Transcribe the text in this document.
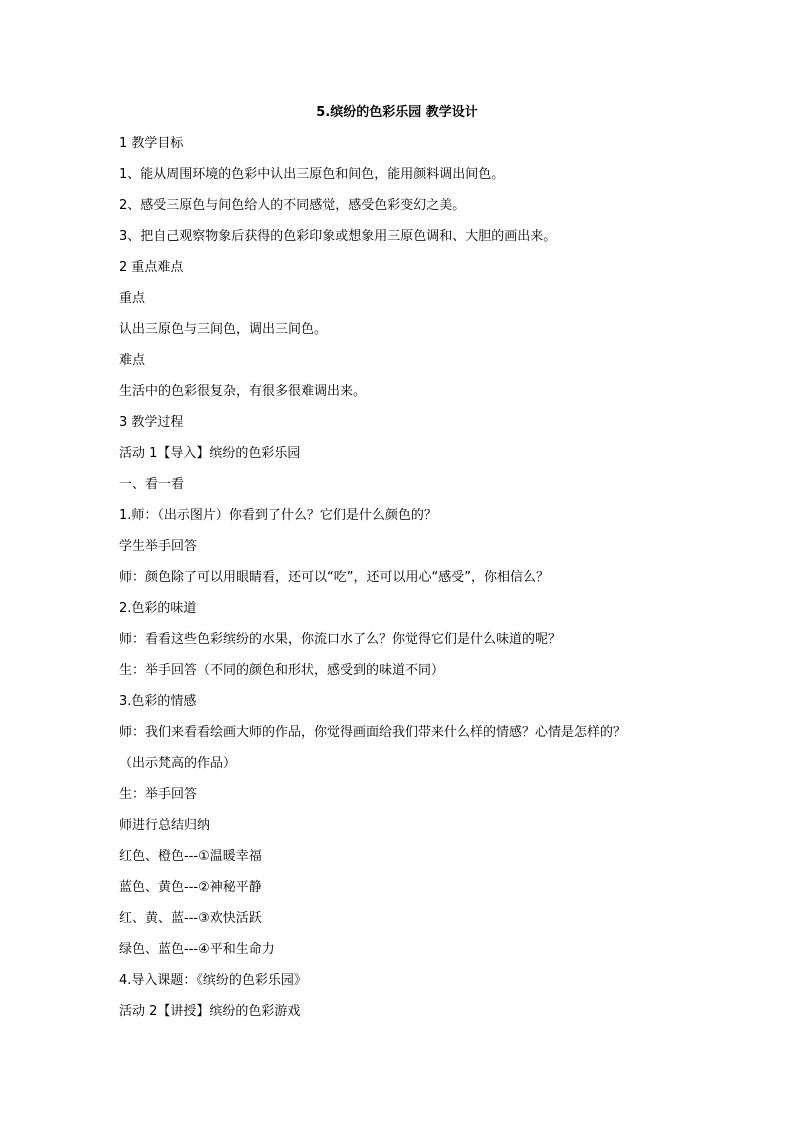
5.缤纷的色彩乐园 教学设计

1 教学目标

1、能从周围环境的色彩中认出三原色和间色，能用颜料调出间色。

2、感受三原色与间色给人的不同感觉，感受色彩变幻之美。

3、把自己观察物象后获得的色彩印象或想象用三原色调和、大胆的画出来。

2 重点难点

重点

认出三原色与三间色，调出三间色。

难点

生活中的色彩很复杂，有很多很难调出来。

3 教学过程

活动 1【导入】缤纷的色彩乐园

一、看一看

1.师：（出示图片）你看到了什么？它们是什么颜色的？

学生举手回答

师：颜色除了可以用眼睛看，还可以“吃”，还可以用心“感受”，你相信么？

2.色彩的味道

师：看看这些色彩缤纷的水果，你流口水了么？你觉得它们是什么味道的呢？

生：举手回答（不同的颜色和形状，感受到的味道不同）

3.色彩的情感

师：我们来看看绘画大师的作品，你觉得画面给我们带来什么样的情感？心情是怎样的？

（出示梵高的作品）

生：举手回答

师进行总结归纳

红色、橙色---①温暖幸福

蓝色、黄色---②神秘平静

红、黄、蓝---③欢快活跃

绿色、蓝色---④平和生命力

4.导入课题：《缤纷的色彩乐园》

活动 2【讲授】缤纷的色彩游戏
